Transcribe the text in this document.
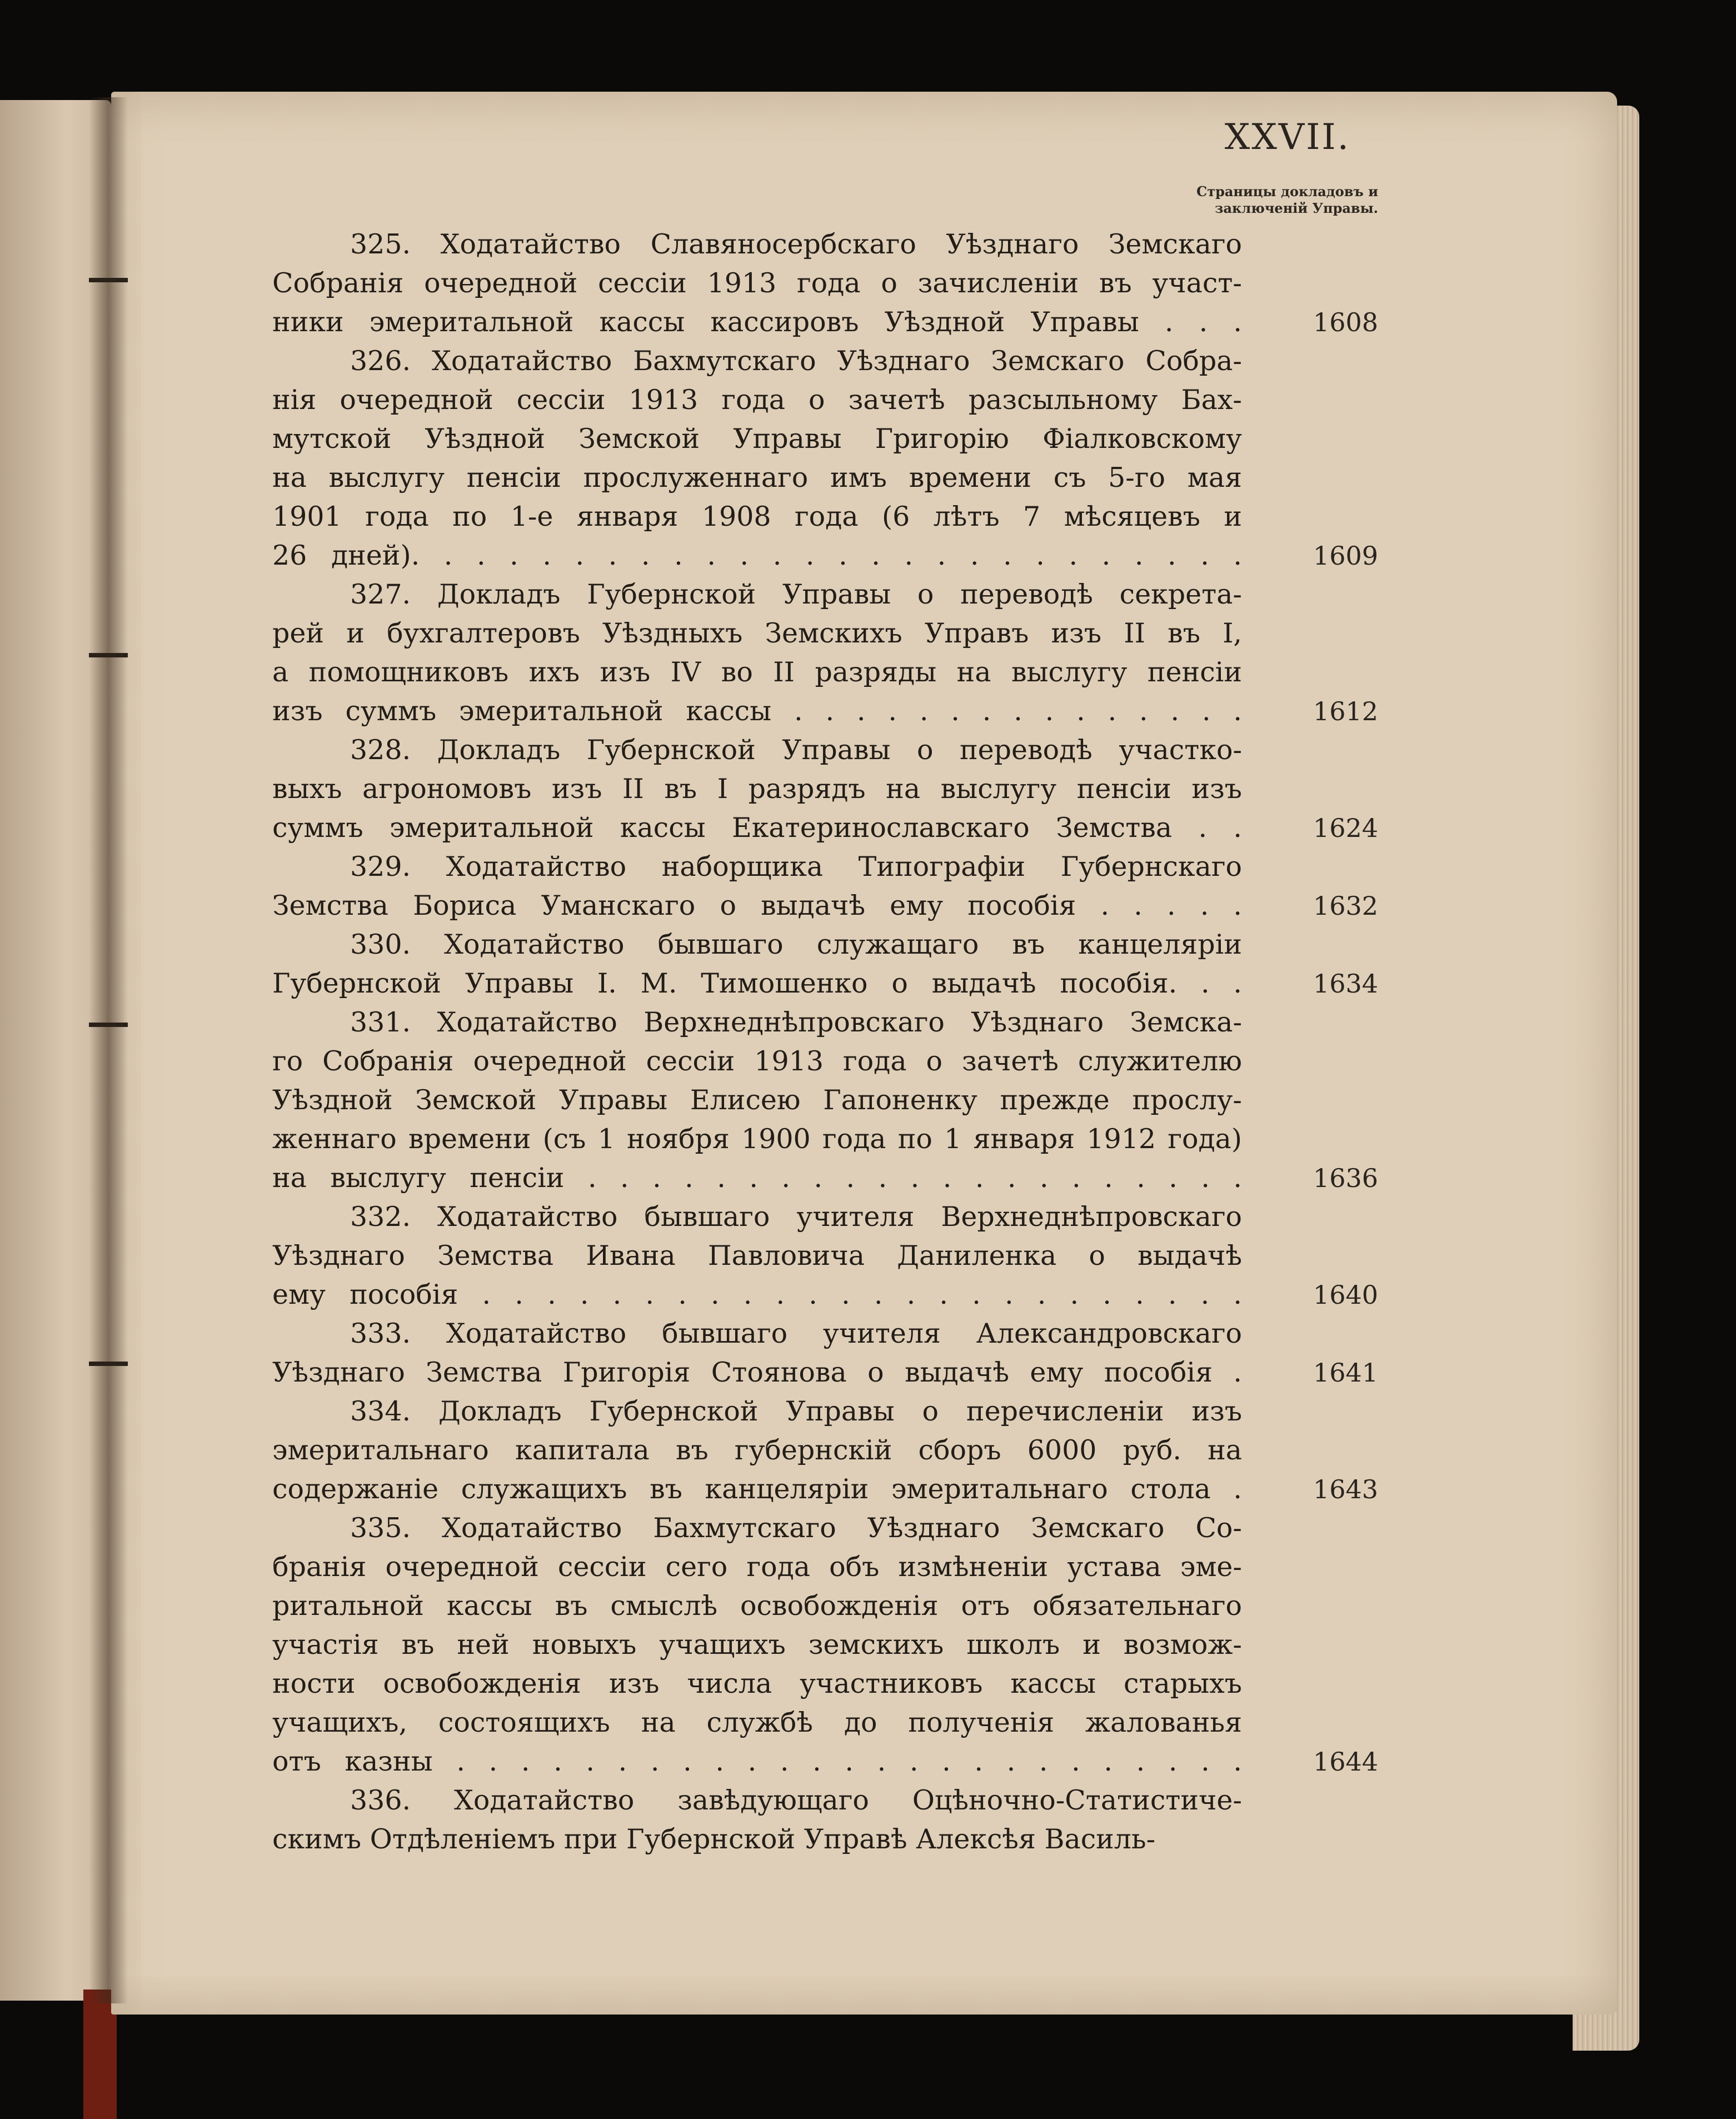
XXVII.
Страницы докладовъ и
заключеній Управы.
325. Ходатайство Славяносербскаго Уѣзднаго Земскаго
Собранія очередной сессіи 1913 года о зачисленіи въ участ-
ники эмеритальной кассы кассировъ Уѣздной Управы . . .	1608
326. Ходатайство Бахмутскаго Уѣзднаго Земскаго Собра-
нія очередной сессіи 1913 года о зачетѣ разсыльному Бах-
мутской Уѣздной Земской Управы Григорію Фіалковскому
на выслугу пенсіи прослуженнаго имъ времени съ 5-го мая
1901 года по 1-е января 1908 года (6 лѣтъ 7 мѣсяцевъ и
26 дней). . . . . . . . . . . . . . . . . . . . . . . . . .	1609
327. Докладъ Губернской Управы о переводѣ секрета-
рей и бухгалтеровъ Уѣздныхъ Земскихъ Управъ изъ II въ I,
а помощниковъ ихъ изъ IV во II разряды на выслугу пенсіи
изъ суммъ эмеритальной кассы . . . . . . . . . . . . . . .	1612
328. Докладъ Губернской Управы о переводѣ участко-
выхъ агрономовъ изъ II въ I разрядъ на выслугу пенсіи изъ
суммъ эмеритальной кассы Екатеринославскаго Земства . .	1624
329. Ходатайство наборщика Типографіи Губернскаго
Земства Бориса Уманскаго о выдачѣ ему пособія . . . . .	1632
330. Ходатайство бывшаго служащаго въ канцеляріи
Губернской Управы I. М. Тимошенко о выдачѣ пособія. . .	1634
331. Ходатайство Верхнеднѣпровскаго Уѣзднаго Земска-
го Собранія очередной сессіи 1913 года о зачетѣ служителю
Уѣздной Земской Управы Елисею Гапоненку прежде прослу-
женнаго времени (съ 1 ноября 1900 года по 1 января 1912 года)
на выслугу пенсіи . . . . . . . . . . . . . . . . . . . . .	1636
332. Ходатайство бывшаго учителя Верхнеднѣпровскаго
Уѣзднаго Земства Ивана Павловича Даниленка о выдачѣ
ему пособія . . . . . . . . . . . . . . . . . . . . . . . .	1640
333. Ходатайство бывшаго учителя Александровскаго
Уѣзднаго Земства Григорія Стоянова о выдачѣ ему пособія .	1641
334. Докладъ Губернской Управы о перечисленіи изъ
эмеритальнаго капитала въ губернскій сборъ 6000 руб. на
содержаніе служащихъ въ канцеляріи эмеритальнаго стола .	1643
335. Ходатайство Бахмутскаго Уѣзднаго Земскаго Со-
бранія очередной сессіи сего года объ измѣненіи устава эме-
ритальной кассы въ смыслѣ освобожденія отъ обязательнаго
участія въ ней новыхъ учащихъ земскихъ школъ и возмож-
ности освобожденія изъ числа участниковъ кассы старыхъ
учащихъ, состоящихъ на службѣ до полученія жалованья
отъ казны . . . . . . . . . . . . . . . . . . . . . . . . .	1644
336. Ходатайство завѣдующаго Оцѣночно-Статистиче-
скимъ Отдѣленіемъ при Губернской Управѣ Алексѣя Василь-
